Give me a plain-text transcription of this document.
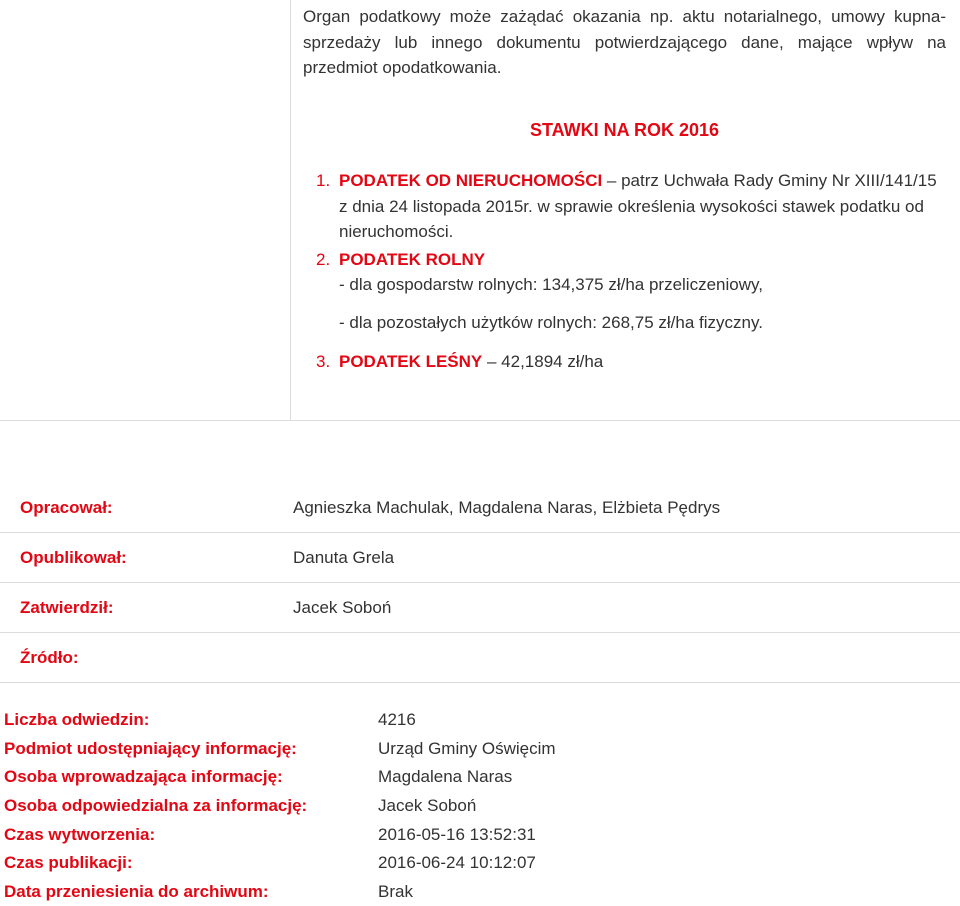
Organ podatkowy może zażądać okazania np. aktu notarialnego, umowy kupna-sprzedaży lub innego dokumentu potwierdzającego dane, mające wpływ na przedmiot opodatkowania.

STAWKI NA ROK 2016
1. PODATEK OD NIERUCHOMOŚCI – patrz Uchwała Rady Gminy Nr XIII/141/15 z dnia 24 listopada 2015r. w sprawie określenia wysokości stawek podatku od nieruchomości.
2. PODATEK ROLNY
- dla gospodarstw rolnych: 134,375 zł/ha przeliczeniowy,
- dla pozostałych użytków rolnych: 268,75 zł/ha fizyczny.
3. PODATEK LEŚNY – 42,1894 zł/ha
Opracował:	Agnieszka Machulak, Magdalena Naras, Elżbieta Pędrys
Opublikował:	Danuta Grela
Zatwierdził:	Jacek Soboń
Źródło:
Liczba odwiedzin:	4216
Podmiot udostępniający informację:	Urząd Gminy Oświęcim
Osoba wprowadzająca informację:	Magdalena Naras
Osoba odpowiedzialna za informację:	Jacek Soboń
Czas wytworzenia:	2016-05-16 13:52:31
Czas publikacji:	2016-06-24 10:12:07
Data przeniesienia do archiwum:	Brak
